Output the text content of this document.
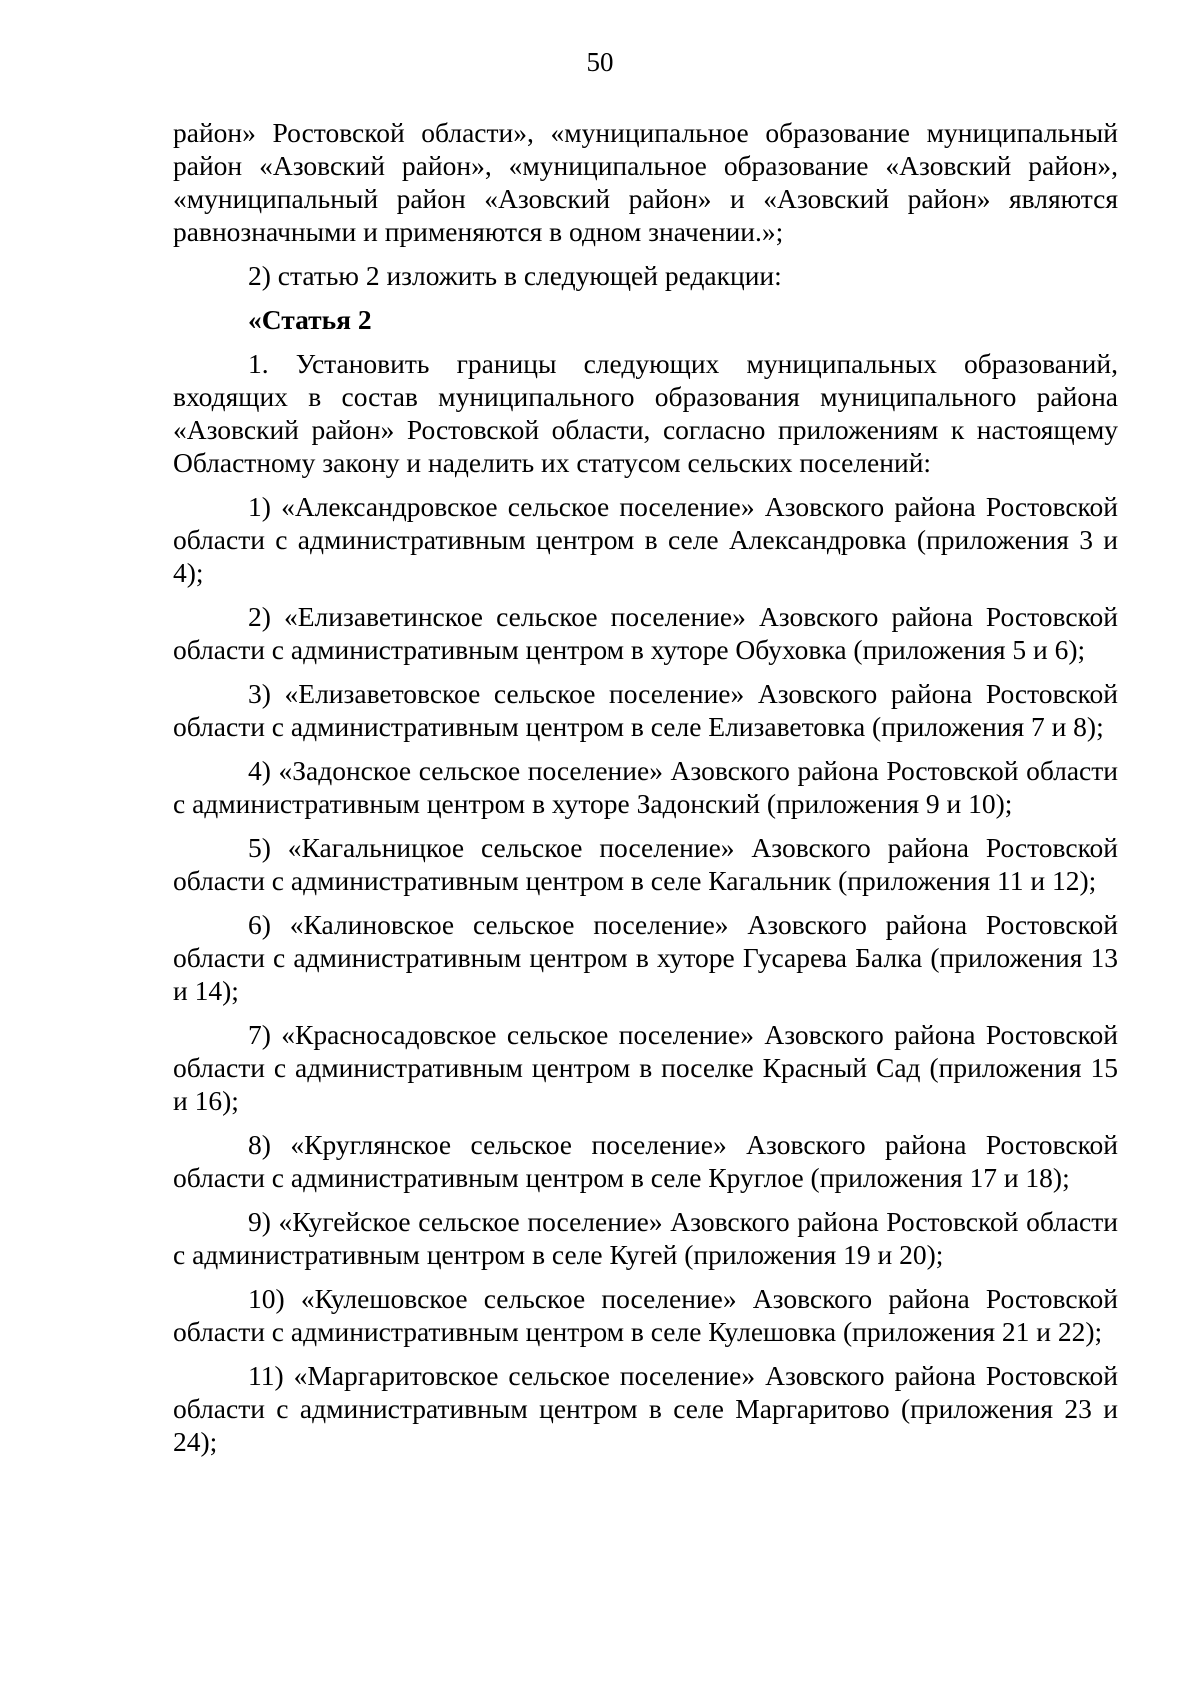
50

район» Ростовской области», «муниципальное образование муниципальный район «Азовский район», «муниципальное образование «Азовский район», «муниципальный район «Азовский район» и «Азовский район» являются равнозначными и применяются в одном значении.»;

2) статью 2 изложить в следующей редакции:

«Статья 2

1. Установить границы следующих муниципальных образований, входящих в состав муниципального образования муниципального района «Азовский район» Ростовской области, согласно приложениям к настоящему Областному закону и наделить их статусом сельских поселений:

1) «Александровское сельское поселение» Азовского района Ростовской области с административным центром в селе Александровка (приложения 3 и 4);

2) «Елизаветинское сельское поселение» Азовского района Ростовской области с административным центром в хуторе Обуховка (приложения 5 и 6);

3) «Елизаветовское сельское поселение» Азовского района Ростовской области с административным центром в селе Елизаветовка (приложения 7 и 8);

4) «Задонское сельское поселение» Азовского района Ростовской области с административным центром в хуторе Задонский (приложения 9 и 10);

5) «Кагальницкое сельское поселение» Азовского района Ростовской области с административным центром в селе Кагальник (приложения 11 и 12);

6) «Калиновское сельское поселение» Азовского района Ростовской области с административным центром в хуторе Гусарева Балка (приложения 13 и 14);

7) «Красносадовское сельское поселение» Азовского района Ростовской области с административным центром в поселке Красный Сад (приложения 15 и 16);

8) «Круглянское сельское поселение» Азовского района Ростовской области с административным центром в селе Круглое (приложения 17 и 18);

9) «Кугейское сельское поселение» Азовского района Ростовской области с административным центром в селе Кугей (приложения 19 и 20);

10) «Кулешовское сельское поселение» Азовского района Ростовской области с административным центром в селе Кулешовка (приложения 21 и 22);

11) «Маргаритовское сельское поселение» Азовского района Ростовской области с административным центром в селе Маргаритово (приложения 23 и 24);
